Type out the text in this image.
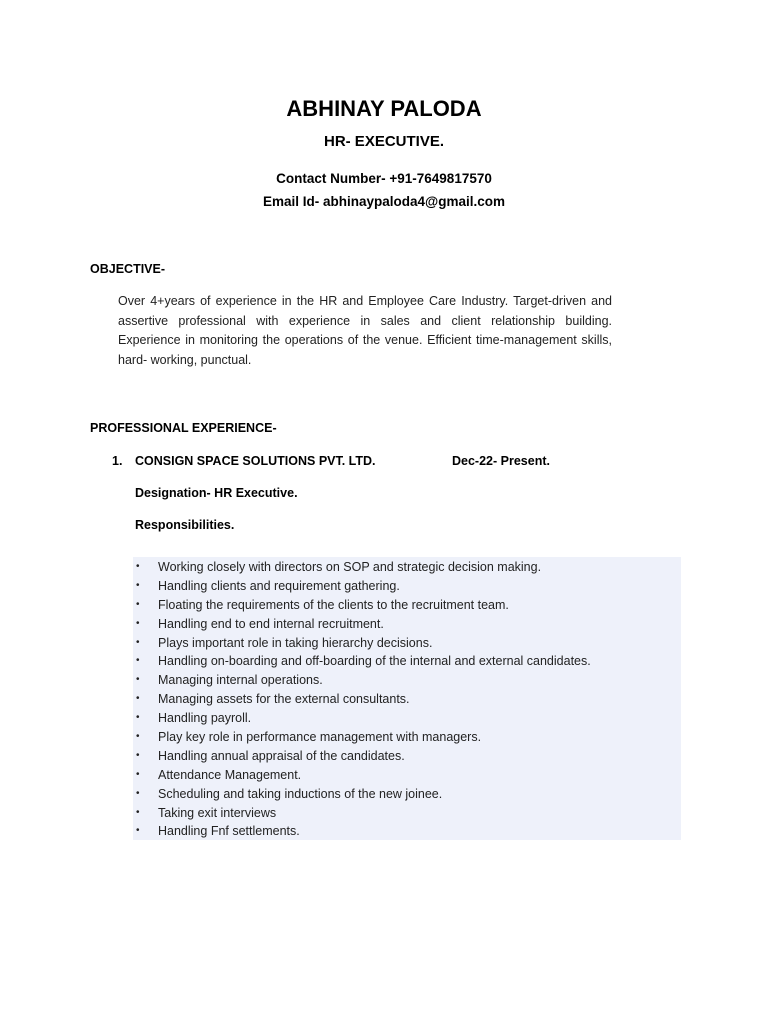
ABHINAY PALODA
HR- EXECUTIVE.
Contact Number- +91-7649817570
Email Id- abhinaypaloda4@gmail.com
OBJECTIVE-
Over 4+years of experience in the HR and Employee Care Industry. Target-driven and assertive professional with experience in sales and client relationship building. Experience in monitoring the operations of the venue. Efficient time-management skills, hard- working, punctual.
PROFESSIONAL EXPERIENCE-
1. CONSIGN SPACE SOLUTIONS PVT. LTD.	Dec-22- Present.
Designation- HR Executive.
Responsibilities.
• Working closely with directors on SOP and strategic decision making.
• Handling clients and requirement gathering.
• Floating the requirements of the clients to the recruitment team.
• Handling end to end internal recruitment.
• Plays important role in taking hierarchy decisions.
• Handling on-boarding and off-boarding of the internal and external candidates.
• Managing internal operations.
• Managing assets for the external consultants.
• Handling payroll.
• Play key role in performance management with managers.
• Handling annual appraisal of the candidates.
• Attendance Management.
• Scheduling and taking inductions of the new joinee.
• Taking exit interviews
• Handling Fnf settlements.
